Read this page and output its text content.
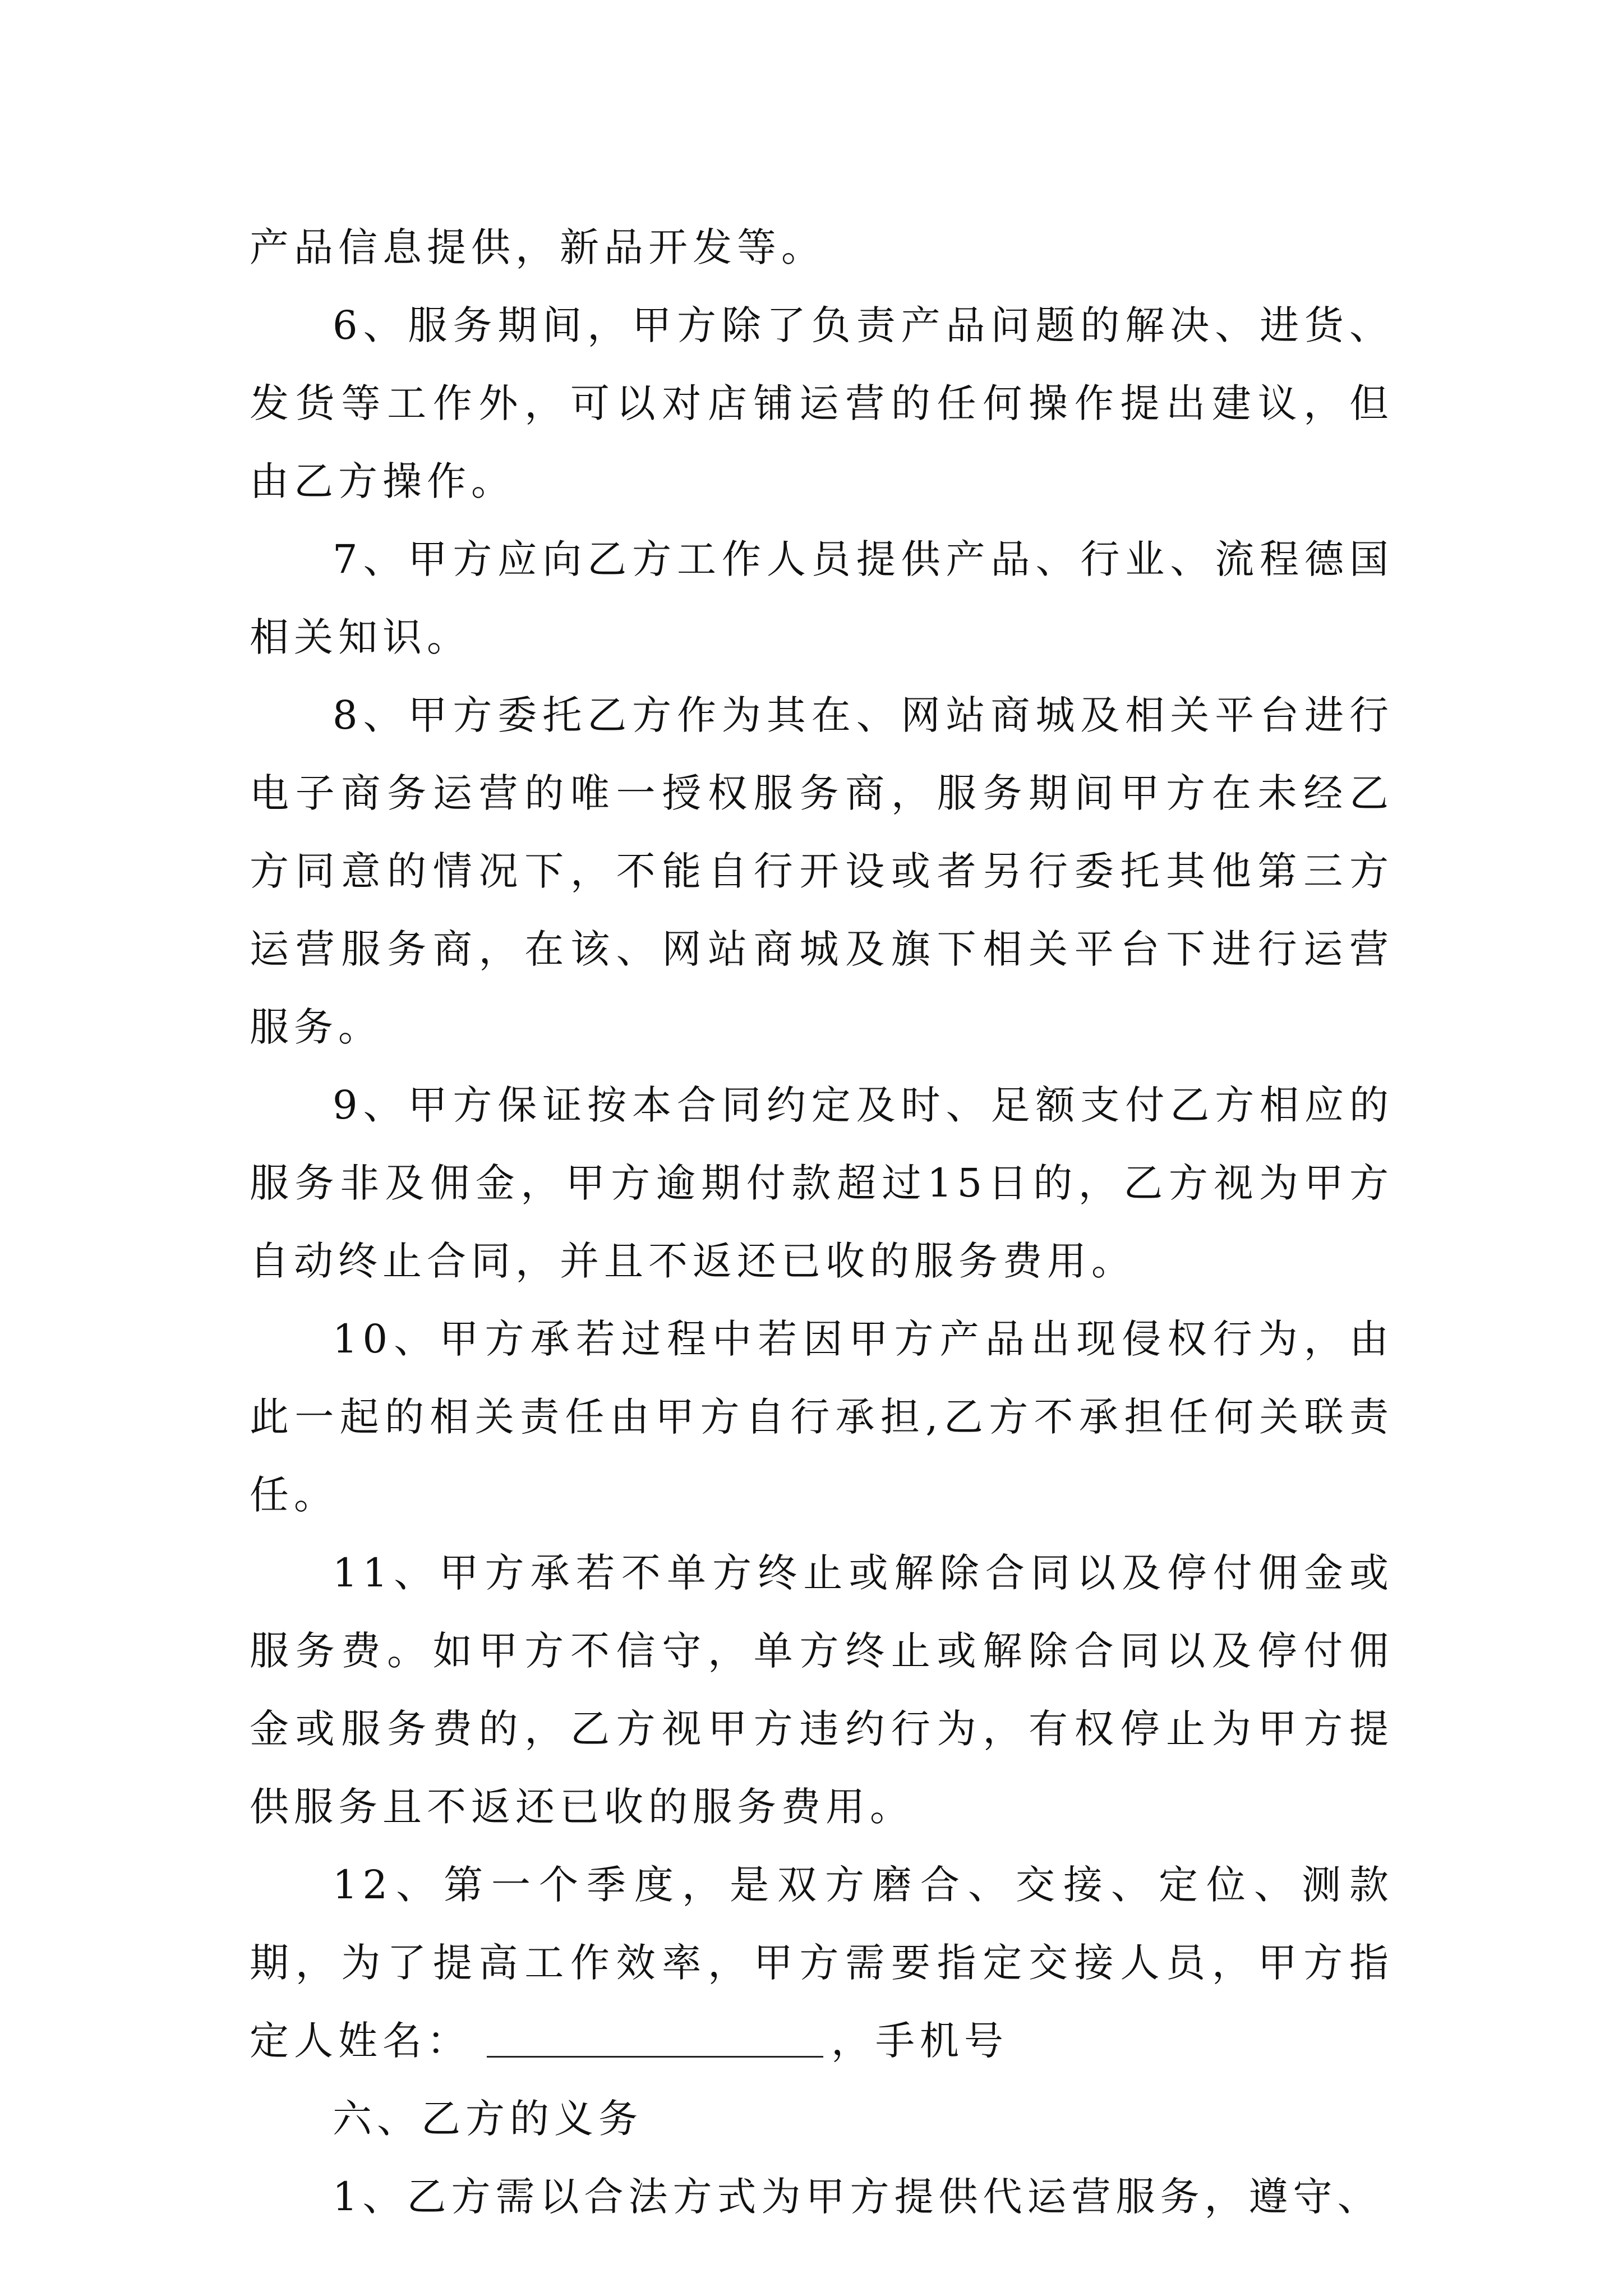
产品信息提供，新品开发等。

6、服务期间，甲方除了负责产品问题的解决、进货、发货等工作外，可以对店铺运营的任何操作提出建议，但由乙方操作。

7、甲方应向乙方工作人员提供产品、行业、流程德国相关知识。

8、甲方委托乙方作为其在、网站商城及相关平台进行电子商务运营的唯一授权服务商，服务期间甲方在未经乙方同意的情况下，不能自行开设或者另行委托其他第三方运营服务商，在该、网站商城及旗下相关平台下进行运营服务。

9、甲方保证按本合同约定及时、足额支付乙方相应的服务非及佣金，甲方逾期付款超过15日的，乙方视为甲方自动终止合同，并且不返还已收的服务费用。

10、甲方承若过程中若因甲方产品出现侵权行为，由此一起的相关责任由甲方自行承担,乙方不承担任何关联责任。

11、甲方承若不单方终止或解除合同以及停付佣金或服务费。如甲方不信守，单方终止或解除合同以及停付佣金或服务费的，乙方视甲方违约行为，有权停止为甲方提供服务且不返还已收的服务费用。

12、第一个季度，是双方磨合、交接、定位、测款期，为了提高工作效率，甲方需要指定交接人员，甲方指定人姓名：	，手机号

六、乙方的义务

1、乙方需以合法方式为甲方提供代运营服务，遵守、
